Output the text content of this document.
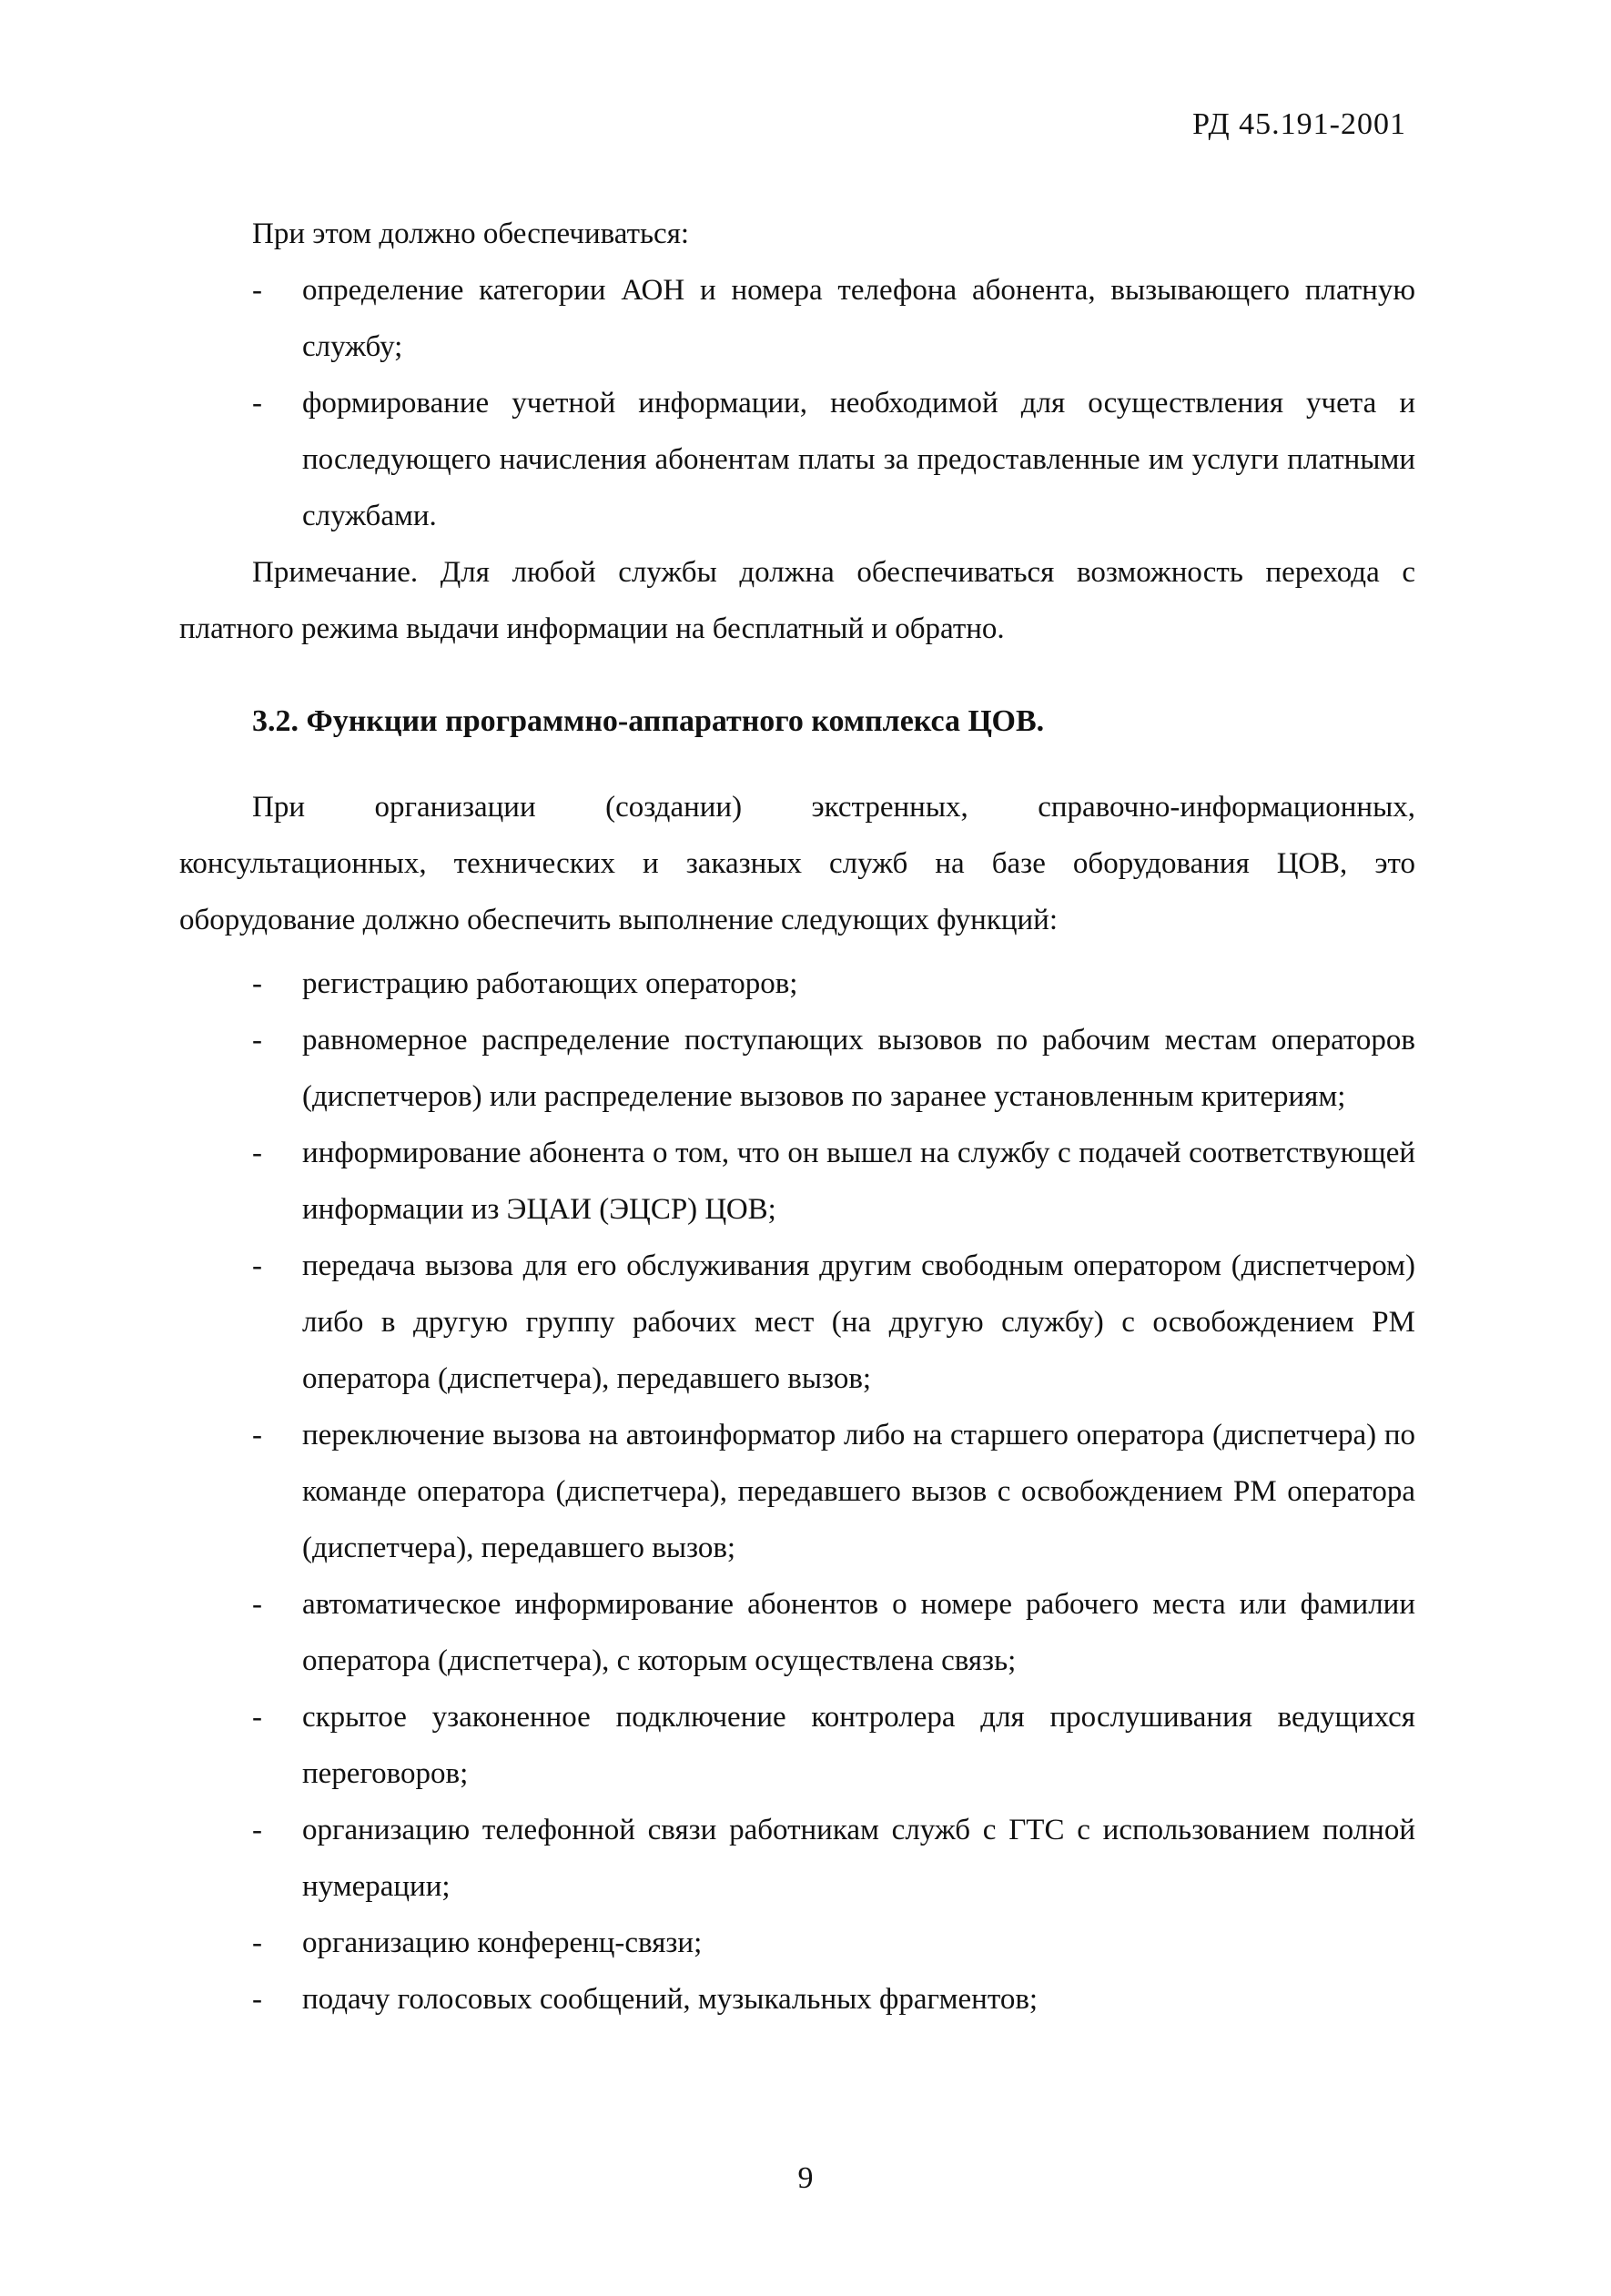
РД 45.191-2001

При этом должно обеспечиваться:

- определение категории АОН и номера телефона абонента, вызывающего платную службу;
- формирование учетной информации, необходимой для осуществления учета и последующего начисления абонентам платы за предоставленные им услуги платными службами.

Примечание. Для любой службы должна обеспечиваться возможность перехода с платного режима выдачи информации на бесплатный и обратно.

3.2. Функции программно-аппаратного комплекса ЦОВ.

При организации (создании) экстренных, справочно-информационных, консультационных, технических и заказных служб на базе оборудования ЦОВ, это оборудование должно обеспечить выполнение следующих функций:

- регистрацию работающих операторов;
- равномерное распределение поступающих вызовов по рабочим местам операторов (диспетчеров) или распределение вызовов по заранее установленным критериям;
- информирование абонента о том, что он вышел на службу с подачей соответствующей информации из ЭЦАИ (ЭЦСР) ЦОВ;
- передача вызова для его обслуживания другим свободным оператором (диспетчером) либо в другую группу рабочих мест (на другую службу) с освобождением РМ оператора (диспетчера), передавшего вызов;
- переключение вызова на автоинформатор либо на старшего оператора (диспетчера) по команде оператора (диспетчера), передавшего вызов с освобождением РМ оператора (диспетчера), передавшего вызов;
- автоматическое информирование абонентов о номере рабочего места или фамилии оператора (диспетчера), с которым осуществлена связь;
- скрытое узаконенное подключение контролера для прослушивания ведущихся переговоров;
- организацию телефонной связи работникам служб с ГТС с использованием полной нумерации;
- организацию конференц-связи;
- подачу голосовых сообщений, музыкальных фрагментов;
9
